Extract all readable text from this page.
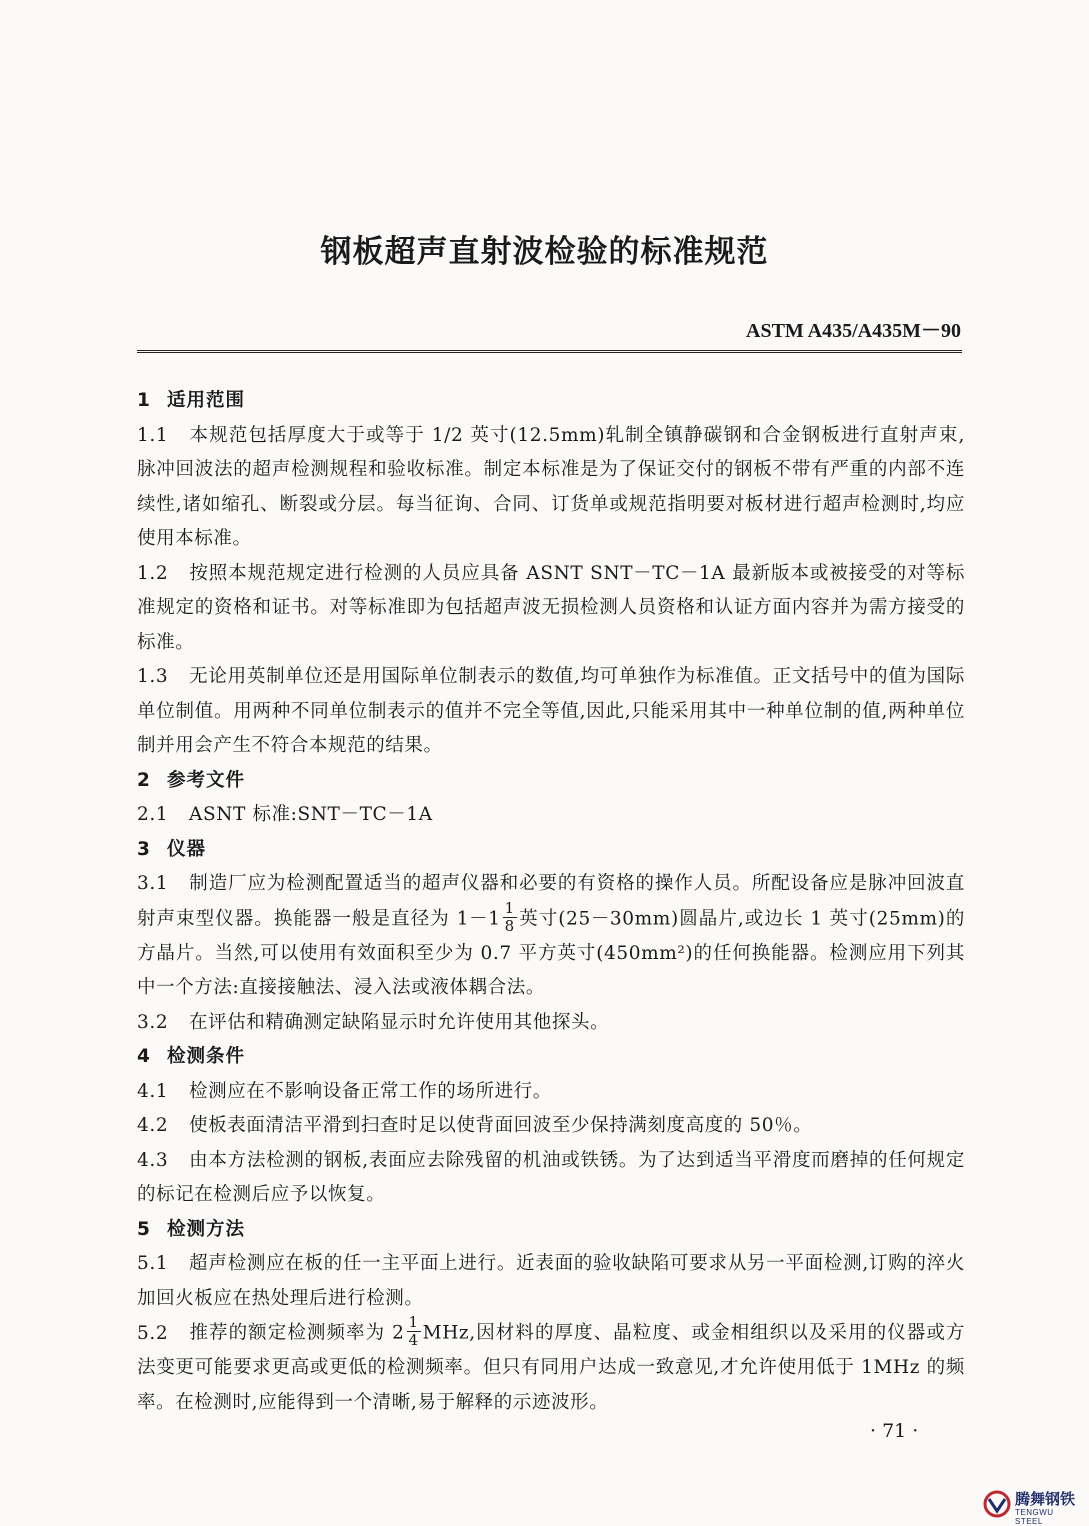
钢板超声直射波检验的标准规范
ASTM A435/A435M－90
1 适用范围
1.1 本规范包括厚度大于或等于 1/2 英寸(12.5mm)轧制全镇静碳钢和合金钢板进行直射声束,脉冲回波法的超声检测规程和验收标准。制定本标准是为了保证交付的钢板不带有严重的内部不连续性,诸如缩孔、断裂或分层。每当征询、合同、订货单或规范指明要对板材进行超声检测时,均应使用本标准。
1.2 按照本规范规定进行检测的人员应具备 ASNT SNT－TC－1A 最新版本或被接受的对等标准规定的资格和证书。对等标准即为包括超声波无损检测人员资格和认证方面内容并为需方接受的标准。
1.3 无论用英制单位还是用国际单位制表示的数值,均可单独作为标准值。正文括号中的值为国际单位制值。用两种不同单位制表示的值并不完全等值,因此,只能采用其中一种单位制的值,两种单位制并用会产生不符合本规范的结果。
2 参考文件
2.1 ASNT 标准:SNT－TC－1A
3 仪器
3.1 制造厂应为检测配置适当的超声仪器和必要的有资格的操作人员。所配设备应是脉冲回波直射声束型仪器。换能器一般是直径为 $1-1 \frac{1}{8}$ 英寸(25－30mm)圆晶片,或边长 1 英寸(25mm)的方晶片。当然,可以使用有效面积至少为 0.7 平方英寸(450mm²)的任何换能器。检测应用下列其中一个方法:直接接触法、浸入法或液体耦合法。
3.2 在评估和精确测定缺陷显示时允许使用其他探头。
4 检测条件
4.1 检测应在不影响设备正常工作的场所进行。
4.2 使板表面清洁平滑到扫查时足以使背面回波至少保持满刻度高度的 50％。
4.3 由本方法检测的钢板,表面应去除残留的机油或铁锈。为了达到适当平滑度而磨掉的任何规定的标记在检测后应予以恢复。
5 检测方法
5.1 超声检测应在板的任一主平面上进行。近表面的验收缺陷可要求从另一平面检测,订购的淬火加回火板应在热处理后进行检测。
5.2 推荐的额定检测频率为 $2 \frac{1}{4}$ MHz,因材料的厚度、晶粒度、或金相组织以及采用的仪器或方法变更可能要求更高或更低的检测频率。但只有同用户达成一致意见,才允许使用低于 1MHz 的频率。在检测时,应能得到一个清晰,易于解释的示迹波形。
· 71 ·
腾舞钢铁
TENGWU STEEL
